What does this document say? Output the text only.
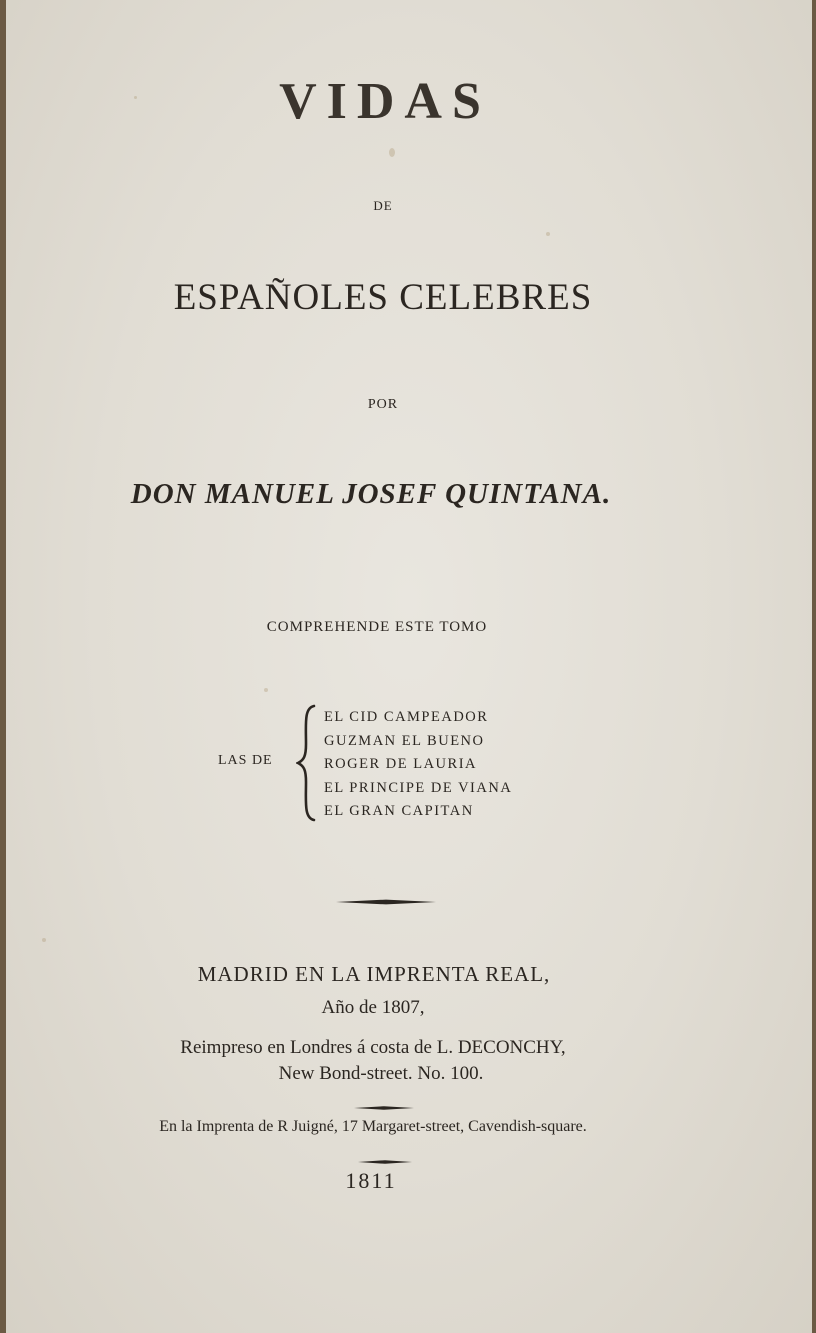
VIDAS
DE
ESPAÑOLES CELEBRES
POR
DON MANUEL JOSEF QUINTANA.
COMPREHENDE ESTE TOMO
LAS DE
EL CID CAMPEADOR
GUZMAN EL BUENO
ROGER DE LAURIA
EL PRINCIPE DE VIANA
EL GRAN CAPITAN
MADRID EN LA IMPRENTA REAL,
Año de 1807,
Reimpreso en Londres á costa de L. DECONCHY,
New Bond-street. No. 100.
En la Imprenta de R Juigné, 17 Margaret-street, Cavendish-square.
1811
